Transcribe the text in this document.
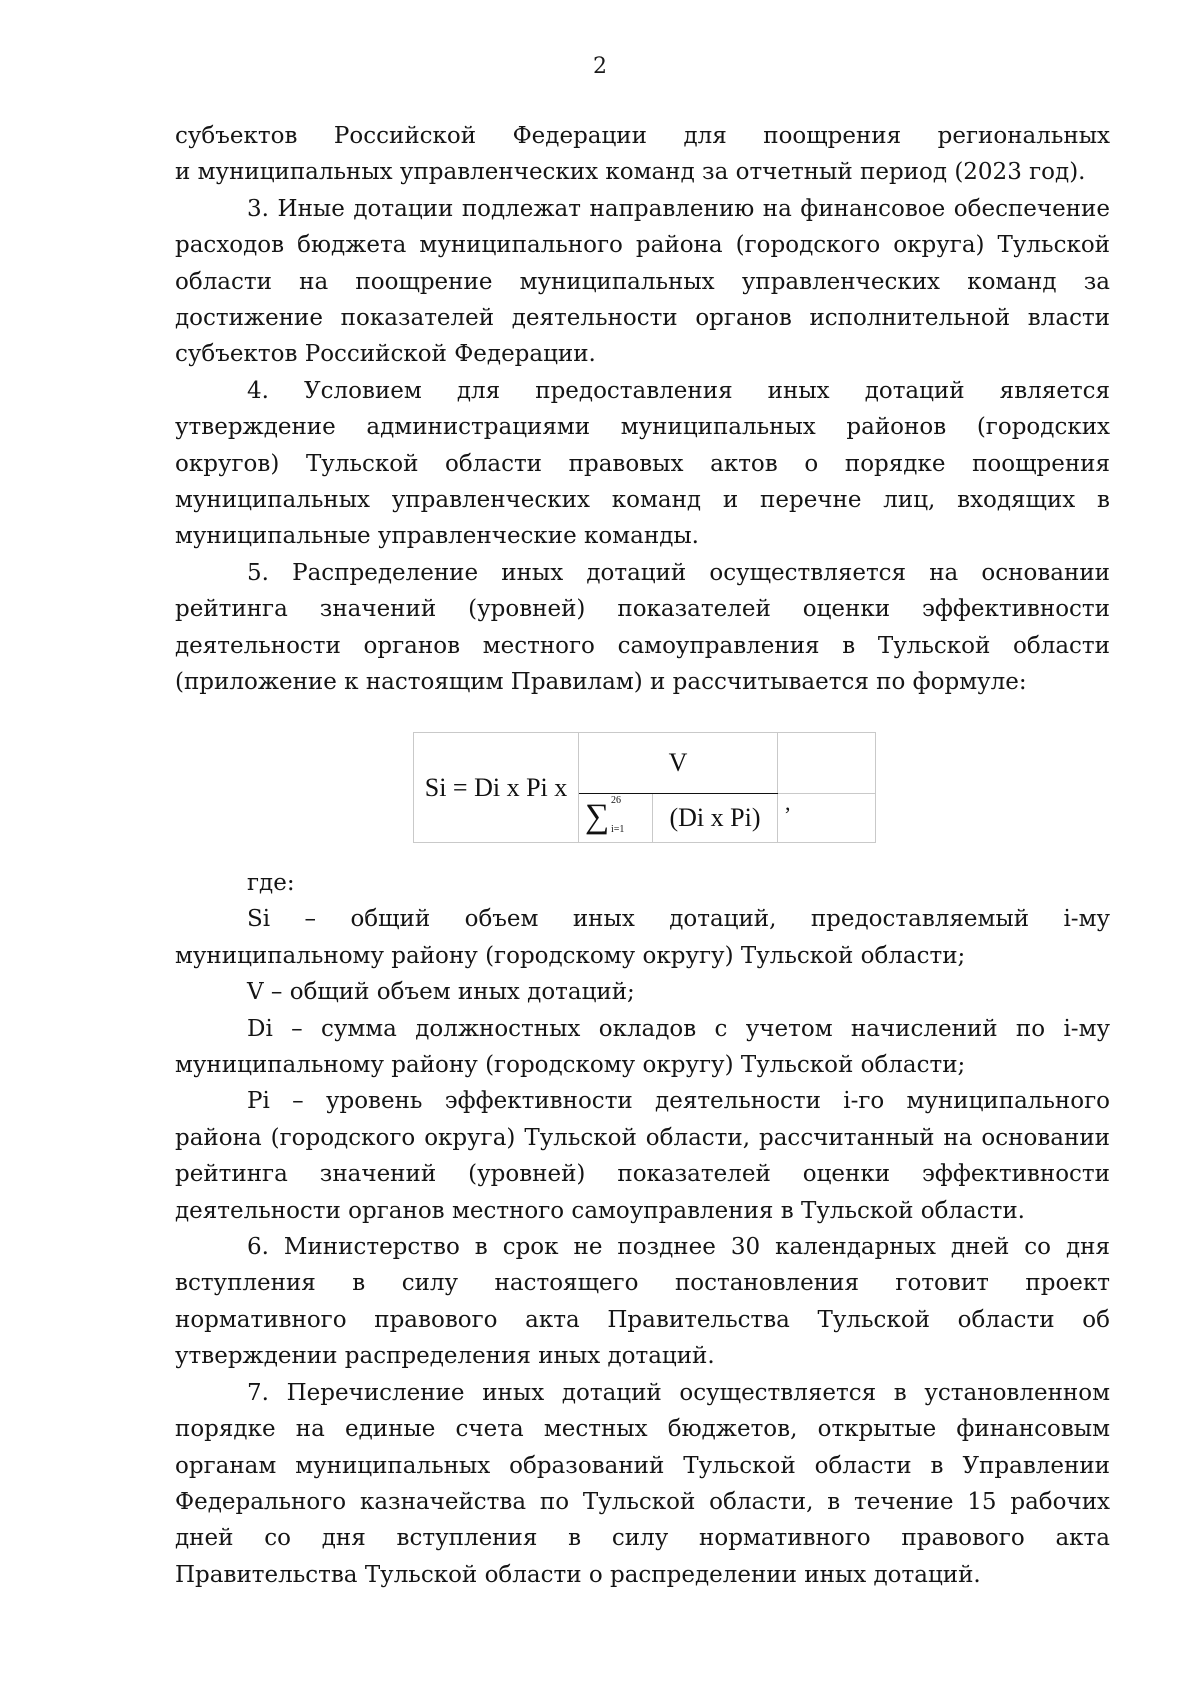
2

субъектов Российской Федерации для поощрения региональных

и муниципальных управленческих команд за отчетный период (2023 год).

3. Иные дотации подлежат направлению на финансовое обеспечение расходов бюджета муниципального района (городского округа) Тульской области на поощрение муниципальных управленческих команд за достижение показателей деятельности органов исполнительной власти субъектов Российской Федерации.

4. Условием для предоставления иных дотаций является утверждение администрациями муниципальных районов (городских округов) Тульской области правовых актов о порядке поощрения муниципальных управленческих команд и перечне лиц, входящих в муниципальные управленческие команды.

5. Распределение иных дотаций осуществляется на основании рейтинга значений (уровней) показателей оценки эффективности деятельности органов местного самоуправления в Тульской области (приложение к настоящим Правилам) и рассчитывается по формуле:

Si = Di x Pi x	V		

	∑ 26
i=1	(Di x Pi)	
,

где:

Si – общий объем иных дотаций, предоставляемый i-му муниципальному району (городскому округу) Тульской области;

V – общий объем иных дотаций;

Di – сумма должностных окладов с учетом начислений по i-му муниципальному району (городскому округу) Тульской области;

Pi – уровень эффективности деятельности i-го муниципального района (городского округа) Тульской области, рассчитанный на основании рейтинга значений (уровней) показателей оценки эффективности деятельности органов местного самоуправления в Тульской области.

6. Министерство в срок не позднее 30 календарных дней со дня вступления в силу настоящего постановления готовит проект нормативного правового акта Правительства Тульской области об утверждении распределения иных дотаций.

7. Перечисление иных дотаций осуществляется в установленном порядке на единые счета местных бюджетов, открытые финансовым органам муниципальных образований Тульской области в Управлении Федерального казначейства по Тульской области, в течение 15 рабочих дней со дня вступления в силу нормативного правового акта Правительства Тульской области о распределении иных дотаций.
